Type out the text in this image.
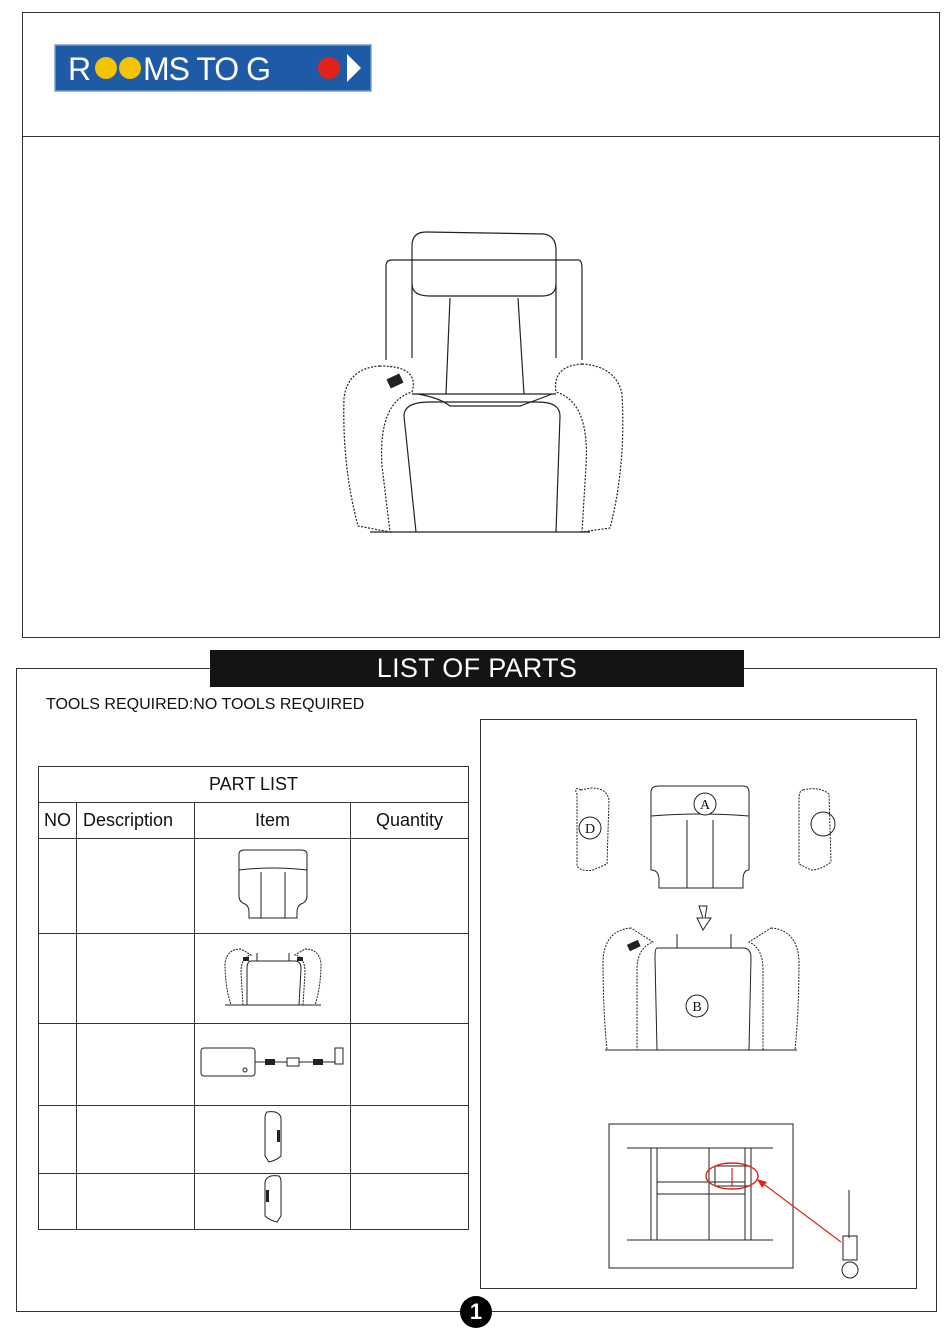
R MS TO G
LIST OF PARTS
TOOLS REQUIRED:NO TOOLS REQUIRED
PART LIST			
NO	Description	Item	Quantity

A
D
B
1
